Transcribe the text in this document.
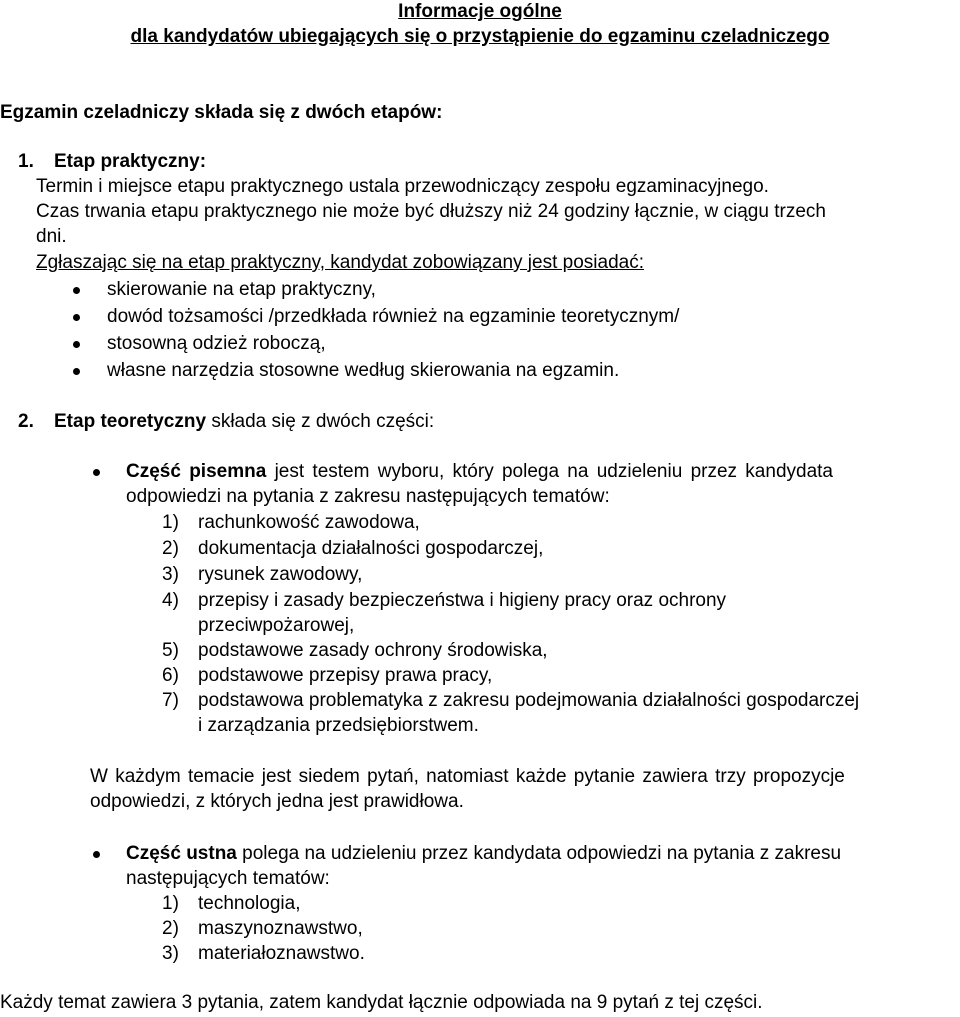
Informacje ogólne
dla kandydatów ubiegających się o przystąpienie do egzaminu czeladniczego
Egzamin czeladniczy składa się z dwóch etapów:
1. Etap praktyczny:
Termin i miejsce etapu praktycznego ustala przewodniczący zespołu egzaminacyjnego.
Czas trwania etapu praktycznego nie może być dłuższy niż 24 godziny łącznie, w ciągu trzech
dni.
Zgłaszając się na etap praktyczny, kandydat zobowiązany jest posiadać:
skierowanie na etap praktyczny,
dowód tożsamości /przedkłada również na egzaminie teoretycznym/
stosowną odzież roboczą,
własne narzędzia stosowne według skierowania na egzamin.
2. Etap teoretyczny składa się z dwóch części:
Część pisemna jest testem wyboru, który polega na udzieleniu przez kandydata
odpowiedzi na pytania z zakresu następujących tematów:
1) rachunkowość zawodowa,
2) dokumentacja działalności gospodarczej,
3) rysunek zawodowy,
4) przepisy i zasady bezpieczeństwa i higieny pracy oraz ochrony
przeciwpożarowej,
5) podstawowe zasady ochrony środowiska,
6) podstawowe przepisy prawa pracy,
7) podstawowa problematyka z zakresu podejmowania działalności gospodarczej
i zarządzania przedsiębiorstwem.
W każdym temacie jest siedem pytań, natomiast każde pytanie zawiera trzy propozycje
odpowiedzi, z których jedna jest prawidłowa.
Część ustna polega na udzieleniu przez kandydata odpowiedzi na pytania z zakresu
następujących tematów:
1) technologia,
2) maszynoznawstwo,
3) materiałoznawstwo.
Każdy temat zawiera 3 pytania, zatem kandydat łącznie odpowiada na 9 pytań z tej części.
